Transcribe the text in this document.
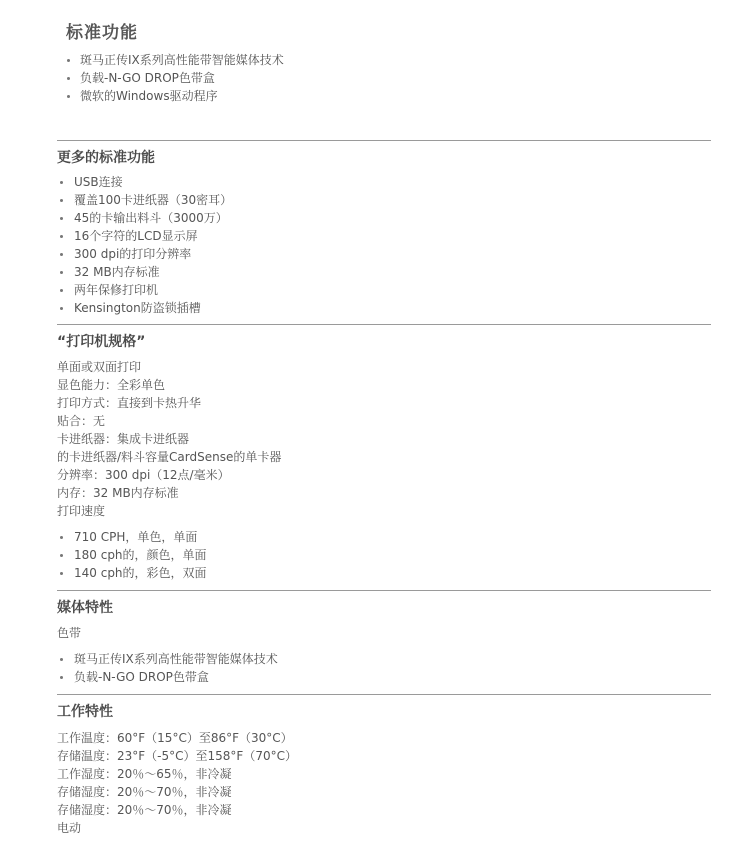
标准功能
斑马正传IX系列高性能带智能媒体技术
负载-N-GO DROP色带盒
微软的Windows驱动程序
更多的标准功能
USB连接
覆盖100卡进纸器（30密耳）
45的卡输出料斗（3000万）
16个字符的LCD显示屏
300 dpi的打印分辨率
32 MB内存标准
两年保修打印机
Kensington防盗锁插槽
“打印机规格”
单面或双面打印
显色能力：全彩单色
打印方式：直接到卡热升华
贴合：无
卡进纸器：集成卡进纸器
的卡进纸器/料斗容量CardSense的单卡器
分辨率：300 dpi（12点/毫米）
内存：32 MB内存标准
打印速度
710 CPH，单色，单面
180 cph的，颜色，单面
140 cph的，彩色，双面
媒体特性
色带
斑马正传IX系列高性能带智能媒体技术
负载-N-GO DROP色带盒
工作特性
工作温度：60°F（15°C）至86°F（30°C）
存储温度：23°F（-5°C）至158°F（70°C）
工作湿度：20％～65％，非冷凝
存储湿度：20％～70％，非冷凝
存储湿度：20％～70％，非冷凝
电动
